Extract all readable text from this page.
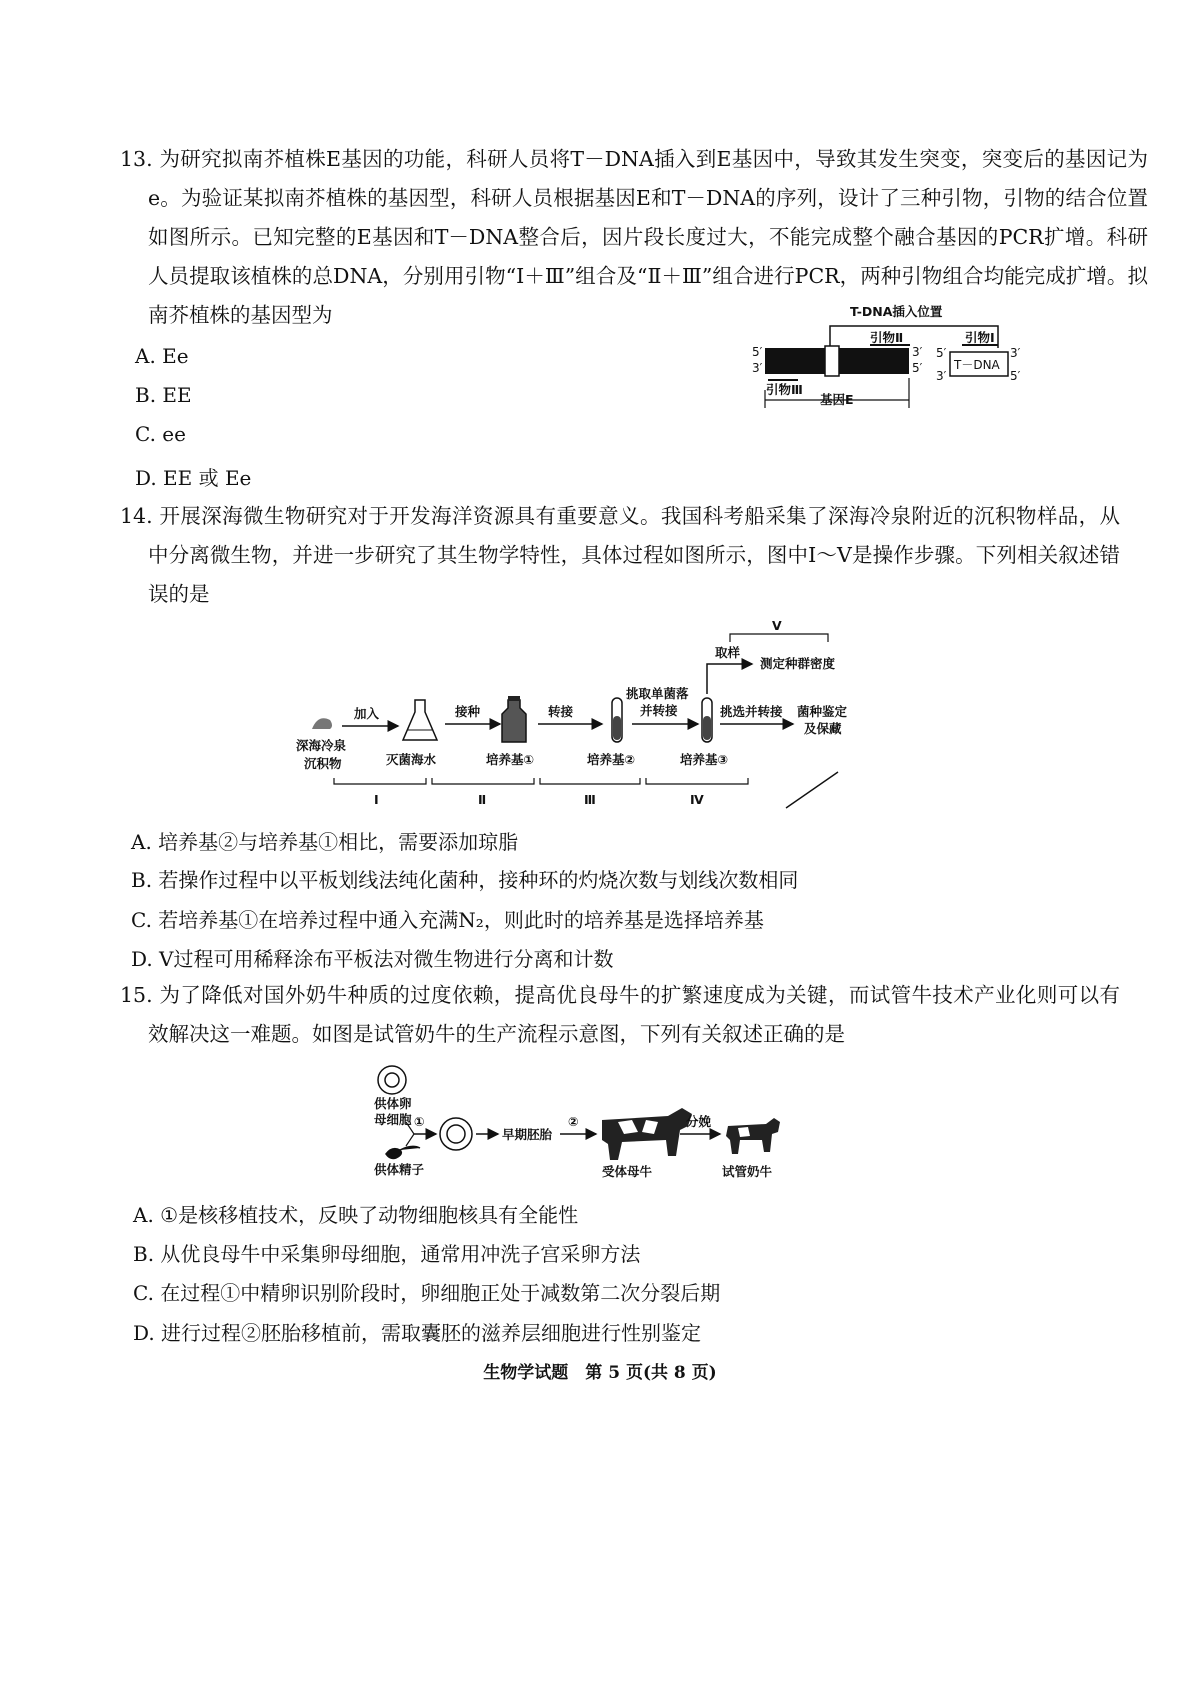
13. 为研究拟南芥植株E基因的功能，科研人员将T－DNA插入到E基因中，导致其发生突变，突变后的基因记为e。为验证某拟南芥植株的基因型，科研人员根据基因E和T－DNA的序列，设计了三种引物，引物的结合位置如图所示。已知完整的E基因和T－DNA整合后，因片段长度过大，不能完成整个融合基因的PCR扩增。科研人员提取该植株的总DNA，分别用引物“Ⅰ＋Ⅲ”组合及“Ⅱ＋Ⅲ”组合进行PCR，两种引物组合均能完成扩增。拟南芥植株的基因型为

A. Ee
B. EE
C. ee
D. EE 或 Ee
T-DNA插入位置
引物Ⅱ	引物Ⅰ
5′
3′
3′
5′
5′
3′
T－DNA
3′
5′
引物Ⅲ
基因E

14. 开展深海微生物研究对于开发海洋资源具有重要意义。我国科考船采集了深海冷泉附近的沉积物样品，从中分离微生物，并进一步研究了其生物学特性，具体过程如图所示，图中Ⅰ～Ⅴ是操作步骤。下列相关叙述错误的是

Ⅴ
取样
测定种群密度
深海冷泉
沉积物
加入
灭菌海水
接种
培养基①
转接
培养基②
挑取单菌落
并转接
培养基③
挑选并转接 菌种鉴定
及保藏
Ⅰ	Ⅱ	Ⅲ	Ⅳ
A. 培养基②与培养基①相比，需要添加琼脂
B. 若操作过程中以平板划线法纯化菌种，接种环的灼烧次数与划线次数相同
C. 若培养基①在培养过程中通入充满N₂，则此时的培养基是选择培养基
D. Ⅴ过程可用稀释涂布平板法对微生物进行分离和计数

15. 为了降低对国外奶牛种质的过度依赖，提高优良母牛的扩繁速度成为关键，而试管牛技术产业化则可以有效解决这一难题。如图是试管奶牛的生产流程示意图，下列有关叙述正确的是

供体卵
母细胞 ①
供体精子
早期胚胎
②
受体母牛
分娩
试管奶牛
A. ①是核移植技术，反映了动物细胞核具有全能性
B. 从优良母牛中采集卵母细胞，通常用冲洗子宫采卵方法
C. 在过程①中精卵识别阶段时，卵细胞正处于减数第二次分裂后期
D. 进行过程②胚胎移植前，需取囊胚的滋养层细胞进行性别鉴定
生物学试题　第 5 页(共 8 页)
